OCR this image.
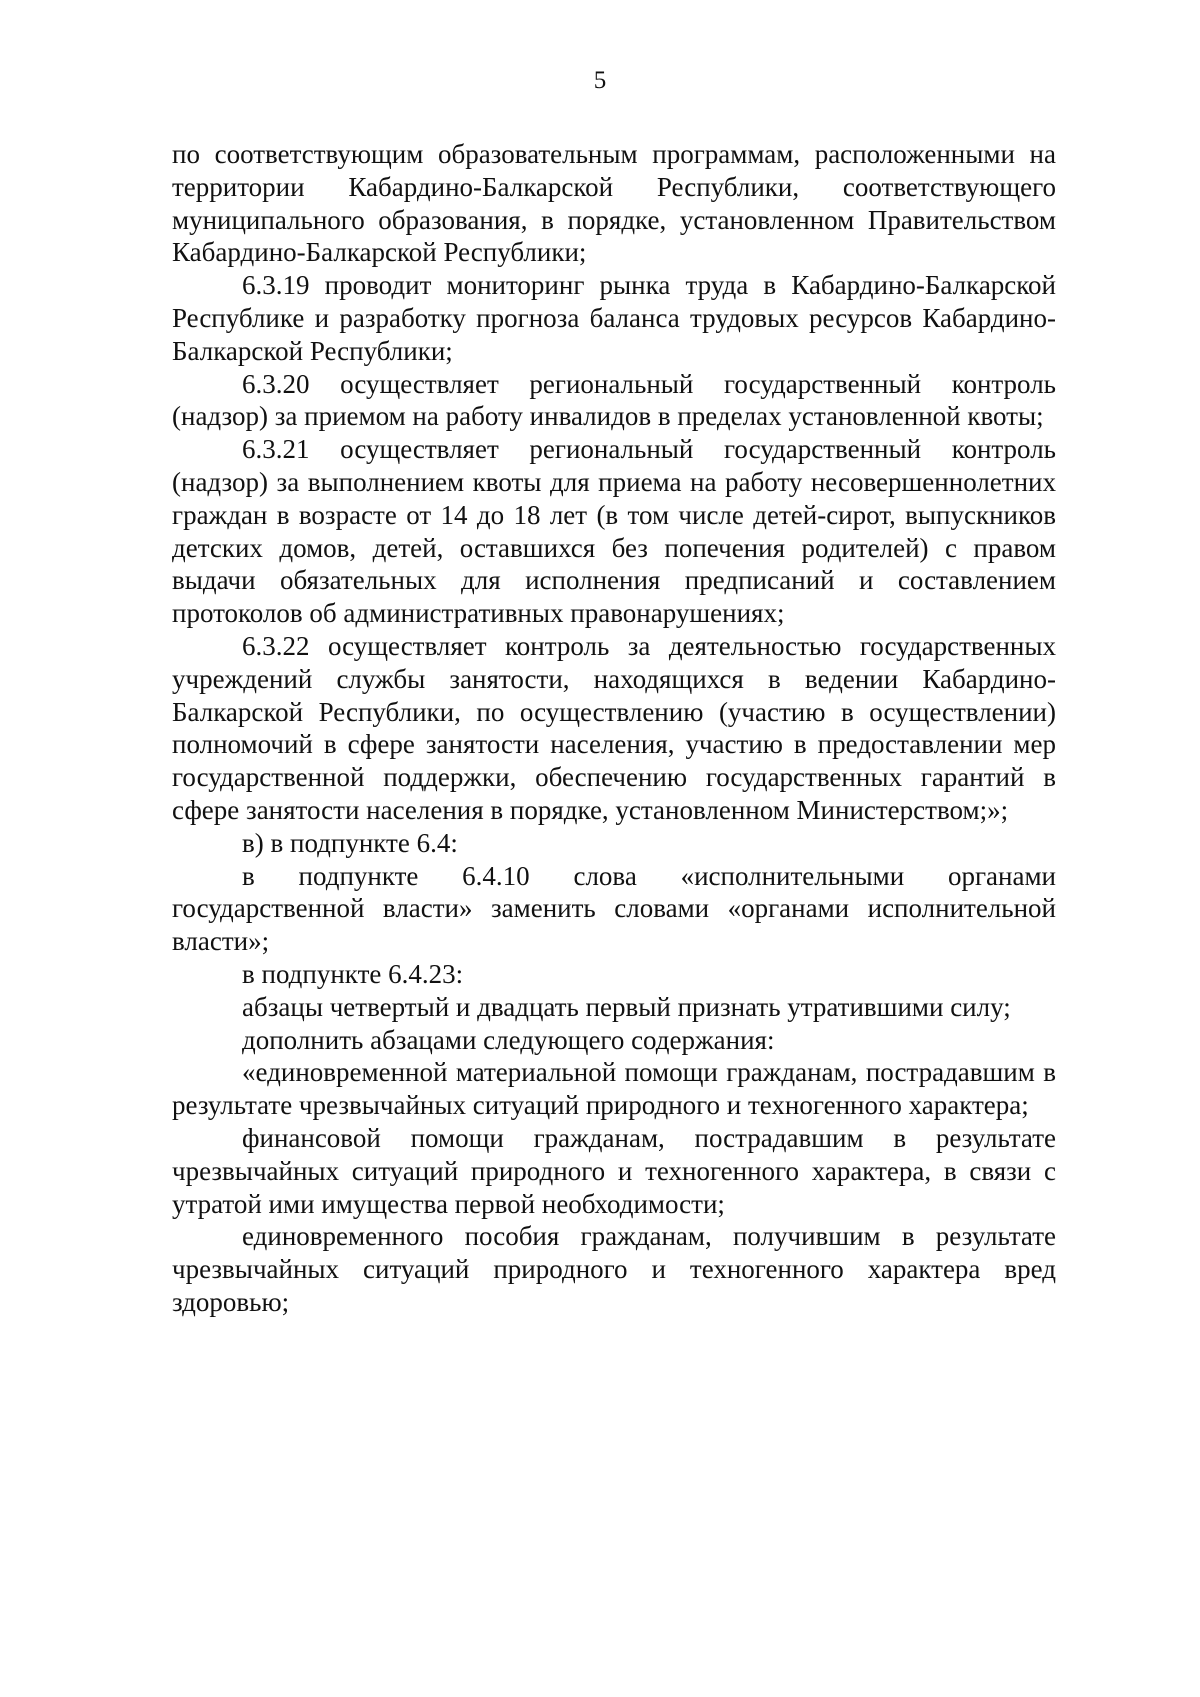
5

по соответствующим образовательным программам, расположенными на территории Кабардино-Балкарской Республики, соответствующего муниципального образования, в порядке, установленном Правительством Кабардино-Балкарской Республики;

6.3.19 проводит мониторинг рынка труда в Кабардино-Балкарской Республике и разработку прогноза баланса трудовых ресурсов Кабардино-Балкарской Республики;

6.3.20 осуществляет региональный государственный контроль (надзор) за приемом на работу инвалидов в пределах установленной квоты;

6.3.21 осуществляет региональный государственный контроль (надзор) за выполнением квоты для приема на работу несовершеннолетних граждан в возрасте от 14 до 18 лет (в том числе детей-сирот, выпускников детских домов, детей, оставшихся без попечения родителей) с правом выдачи обязательных для исполнения предписаний и составлением протоколов об административных правонарушениях;

6.3.22 осуществляет контроль за деятельностью государственных учреждений службы занятости, находящихся в ведении Кабардино-Балкарской Республики, по осуществлению (участию в осуществлении) полномочий в сфере занятости населения, участию в предоставлении мер государственной поддержки, обеспечению государственных гарантий в сфере занятости населения в порядке, установленном Министерством;»;

в) в подпункте 6.4:

в подпункте 6.4.10 слова «исполнительными органами государственной власти» заменить словами «органами исполнительной власти»;

в подпункте 6.4.23:

абзацы четвертый и двадцать первый признать утратившими силу;

дополнить абзацами следующего содержания:

«единовременной материальной помощи гражданам, пострадавшим в результате чрезвычайных ситуаций природного и техногенного характера;

финансовой помощи гражданам, пострадавшим в результате чрезвычайных ситуаций природного и техногенного характера, в связи с утратой ими имущества первой необходимости;

единовременного пособия гражданам, получившим в результате чрезвычайных ситуаций природного и техногенного характера вред здоровью;
